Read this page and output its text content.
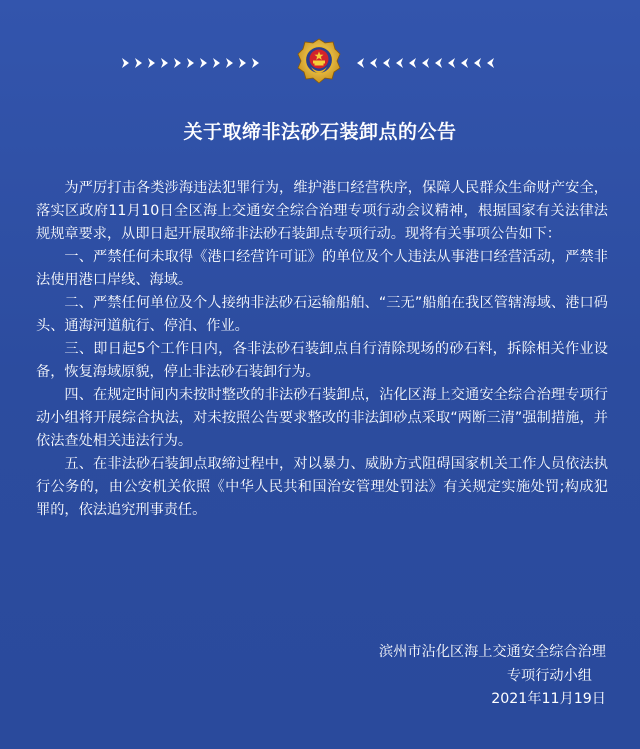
关于取缔非法砂石装卸点的公告

为严厉打击各类涉海违法犯罪行为，维护港口经营秩序，保障人民群众生命财产安全， 落实区政府11月10日全区海上交通安全综合治理专项行动会议精神，根据国家有关法律法规规章要求，从即日起开展取缔非法砂石装卸点专项行动。现将有关事项公告如下：

一、严禁任何未取得《港口经营许可证》的单位及个人违法从事港口经营活动，严禁非法使用港口岸线、海域。

二、严禁任何单位及个人接纳非法砂石运输船舶、“三无”船舶在我区管辖海域、港口码头、通海河道航行、停泊、作业。

三、即日起5个工作日内，各非法砂石装卸点自行清除现场的砂石料，拆除相关作业设备，恢复海域原貌，停止非法砂石装卸行为。

四、在规定时间内未按时整改的非法砂石装卸点，沾化区海上交通安全综合治理专项行动小组将开展综合执法，对未按照公告要求整改的非法卸砂点采取“两断三清”强制措施，并依法查处相关违法行为。

五、在非法砂石装卸点取缔过程中，对以暴力、威胁方式阻碍国家机关工作人员依法执行公务的，由公安机关依照《中华人民共和国治安管理处罚法》有关规定实施处罚;构成犯罪的，依法追究刑事责任。

滨州市沾化区海上交通安全综合治理
专项行动小组
2021年11月19日
